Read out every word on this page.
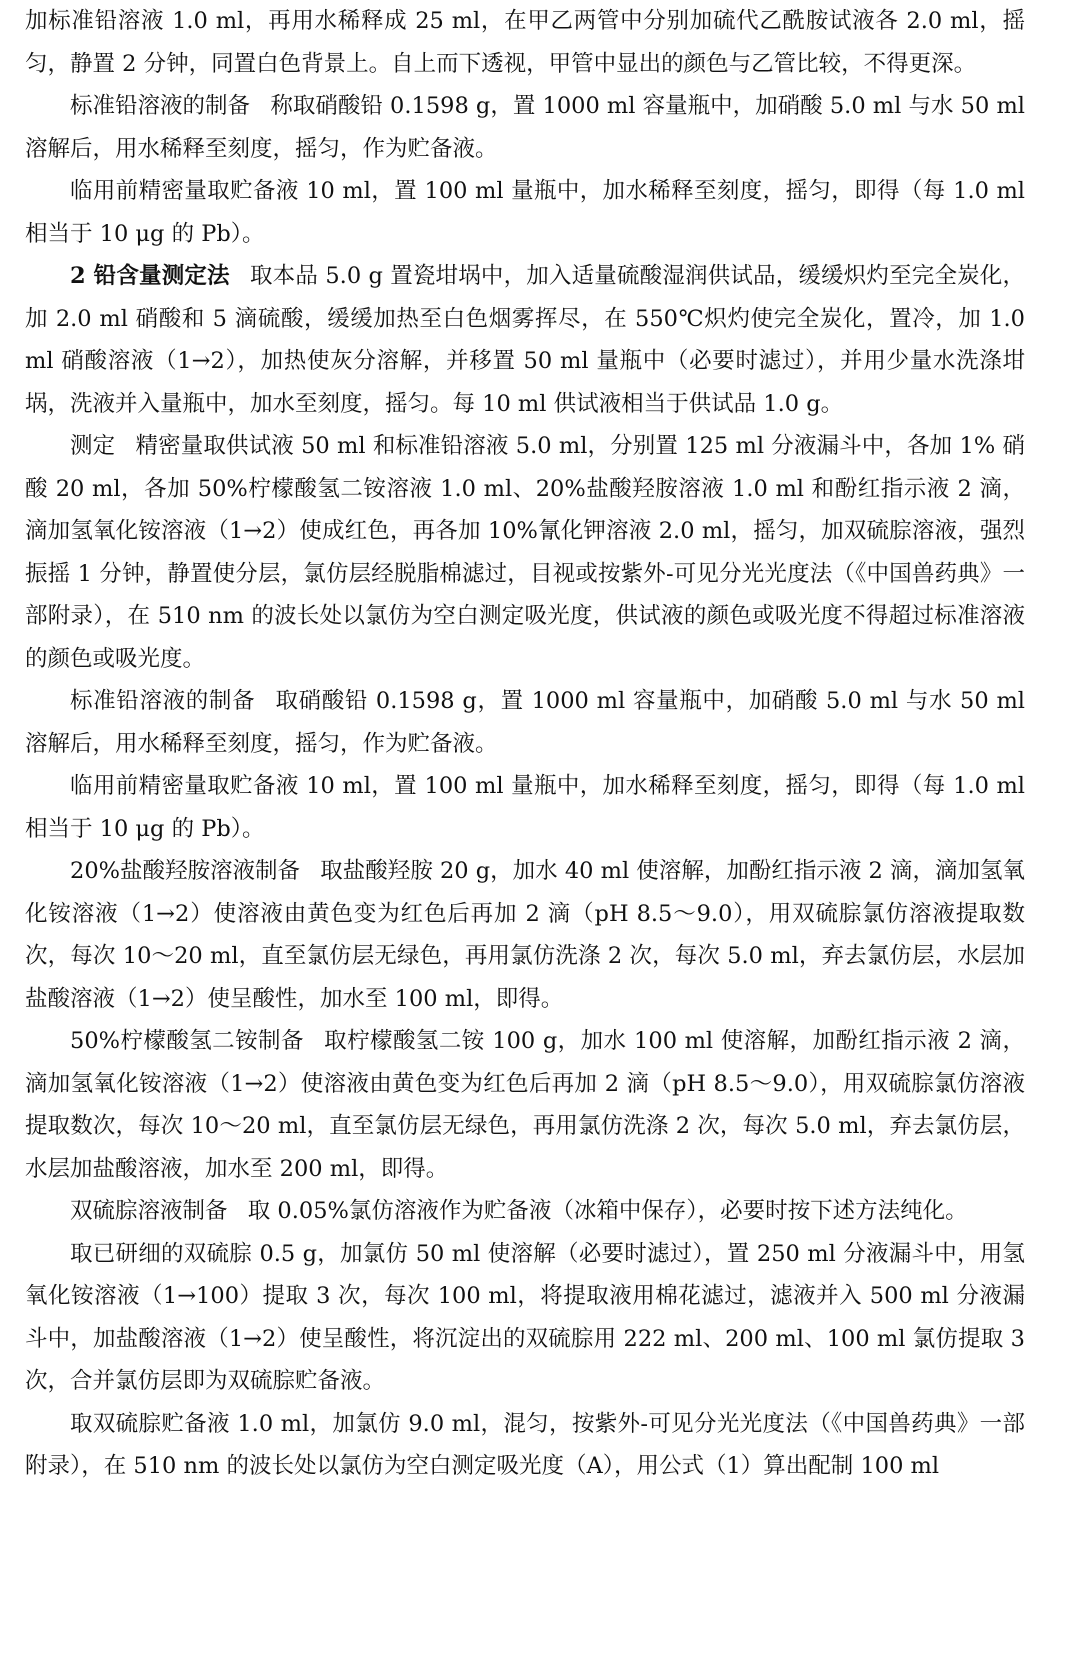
加标准铅溶液 1.0 ml，再用水稀释成 25 ml，在甲乙两管中分别加硫代乙酰胺试液各 2.0 ml，摇匀，静置 2 分钟，同置白色背景上。自上而下透视，甲管中显出的颜色与乙管比较，不得更深。

标准铅溶液的制备 称取硝酸铅 0.1598 g，置 1000 ml 容量瓶中，加硝酸 5.0 ml 与水 50 ml 溶解后，用水稀释至刻度，摇匀，作为贮备液。

临用前精密量取贮备液 10 ml，置 100 ml 量瓶中，加水稀释至刻度，摇匀，即得（每 1.0 ml 相当于 10 μg 的 Pb）。

2 铅含量测定法 取本品 5.0 g 置瓷坩埚中，加入适量硫酸湿润供试品，缓缓炽灼至完全炭化，加 2.0 ml 硝酸和 5 滴硫酸，缓缓加热至白色烟雾挥尽，在 550℃炽灼使完全炭化，置冷，加 1.0 ml 硝酸溶液（1→2），加热使灰分溶解，并移置 50 ml 量瓶中（必要时滤过），并用少量水洗涤坩埚，洗液并入量瓶中，加水至刻度，摇匀。每 10 ml 供试液相当于供试品 1.0 g。

测定 精密量取供试液 50 ml 和标准铅溶液 5.0 ml，分别置 125 ml 分液漏斗中，各加 1% 硝酸 20 ml，各加 50%柠檬酸氢二铵溶液 1.0 ml、20%盐酸羟胺溶液 1.0 ml 和酚红指示液 2 滴，滴加氢氧化铵溶液（1→2）使成红色，再各加 10%氰化钾溶液 2.0 ml，摇匀，加双硫腙溶液，强烈振摇 1 分钟，静置使分层，氯仿层经脱脂棉滤过，目视或按紫外-可见分光光度法（《中国兽药典》一部附录），在 510 nm 的波长处以氯仿为空白测定吸光度，供试液的颜色或吸光度不得超过标准溶液的颜色或吸光度。

标准铅溶液的制备 取硝酸铅 0.1598 g，置 1000 ml 容量瓶中，加硝酸 5.0 ml 与水 50 ml 溶解后，用水稀释至刻度，摇匀，作为贮备液。

临用前精密量取贮备液 10 ml，置 100 ml 量瓶中，加水稀释至刻度，摇匀，即得（每 1.0 ml 相当于 10 μg 的 Pb）。

20%盐酸羟胺溶液制备 取盐酸羟胺 20 g，加水 40 ml 使溶解，加酚红指示液 2 滴，滴加氢氧化铵溶液（1→2）使溶液由黄色变为红色后再加 2 滴（pH 8.5～9.0），用双硫腙氯仿溶液提取数次，每次 10～20 ml，直至氯仿层无绿色，再用氯仿洗涤 2 次，每次 5.0 ml，弃去氯仿层，水层加盐酸溶液（1→2）使呈酸性，加水至 100 ml，即得。

50%柠檬酸氢二铵制备 取柠檬酸氢二铵 100 g，加水 100 ml 使溶解，加酚红指示液 2 滴，滴加氢氧化铵溶液（1→2）使溶液由黄色变为红色后再加 2 滴（pH 8.5～9.0），用双硫腙氯仿溶液提取数次，每次 10～20 ml，直至氯仿层无绿色，再用氯仿洗涤 2 次，每次 5.0 ml，弃去氯仿层，水层加盐酸溶液，加水至 200 ml，即得。

双硫腙溶液制备 取 0.05%氯仿溶液作为贮备液（冰箱中保存），必要时按下述方法纯化。

取已研细的双硫腙 0.5 g，加氯仿 50 ml 使溶解（必要时滤过），置 250 ml 分液漏斗中，用氢氧化铵溶液（1→100）提取 3 次，每次 100 ml，将提取液用棉花滤过，滤液并入 500 ml 分液漏斗中，加盐酸溶液（1→2）使呈酸性，将沉淀出的双硫腙用 222 ml、200 ml、100 ml 氯仿提取 3 次，合并氯仿层即为双硫腙贮备液。

取双硫腙贮备液 1.0 ml，加氯仿 9.0 ml，混匀，按紫外-可见分光光度法（《中国兽药典》一部附录），在 510 nm 的波长处以氯仿为空白测定吸光度（A），用公式（1）算出配制 100 ml
